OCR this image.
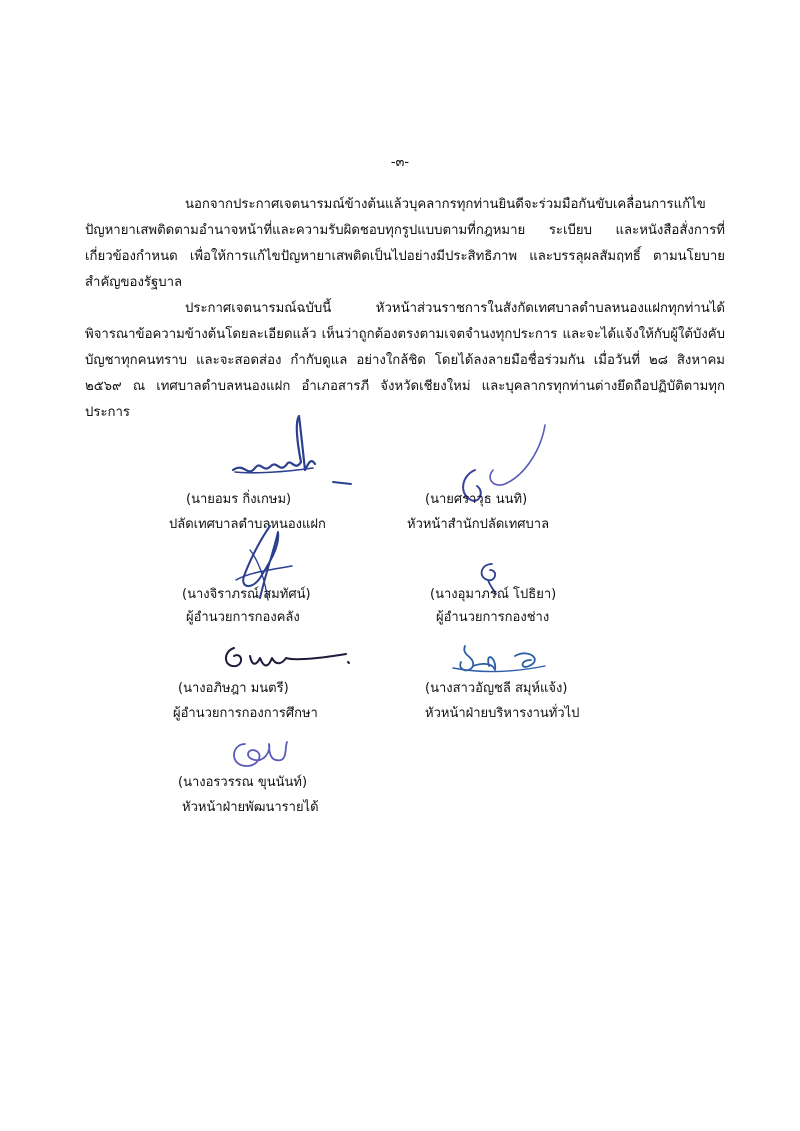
-๓-

นอกจากประกาศเจตนารมณ์ข้างต้นแล้วบุคลากรทุกท่านยินดีจะร่วมมือกันขับเคลื่อนการแก้ไขปัญหายาเสพติดตามอำนาจหน้าที่และความรับผิดชอบทุกรูปแบบตามที่กฎหมาย ระเบียบ และหนังสือสั่งการที่เกี่ยวข้องกำหนด เพื่อให้การแก้ไขปัญหายาเสพติดเป็นไปอย่างมีประสิทธิภาพ และบรรลุผลสัมฤทธิ์ ตามนโยบายสำคัญของรัฐบาล

ประกาศเจตนารมณ์ฉบับนี้ หัวหน้าส่วนราชการในสังกัดเทศบาลตำบลหนองแฝกทุกท่านได้พิจารณาข้อความข้างต้นโดยละเอียดแล้ว เห็นว่าถูกต้องตรงตามเจตจำนงทุกประการ และจะได้แจ้งให้กับผู้ใต้บังคับบัญชาทุกคนทราบ และจะสอดส่อง กำกับดูแล อย่างใกล้ชิด โดยได้ลงลายมือชื่อร่วมกัน เมื่อวันที่ ๒๘ สิงหาคม ๒๕๖๙ ณ เทศบาลตำบลหนองแฝก อำเภอสารภี จังหวัดเชียงใหม่ และบุคลากรทุกท่านต่างยึดถือปฏิบัติตามทุกประการ

(นายอมร กิ่งเกษม)
ปลัดเทศบาลตำบลหนองแฝก
(นายศราวุธ นนทิ)
หัวหน้าสำนักปลัดเทศบาล
(นางจิราภรณ์ สมทัศน์)
ผู้อำนวยการกองคลัง
(นางอุมาภรณ์ โปธิยา)
ผู้อำนวยการกองช่าง
(นางอภิษฎา มนตรี)
ผู้อำนวยการกองการศึกษา
(นางสาวอัญชลี สมุห์แจ้ง)
หัวหน้าฝ่ายบริหารงานทั่วไป
(นางอรวรรณ ขุนนันท์)
หัวหน้าฝ่ายพัฒนารายได้
